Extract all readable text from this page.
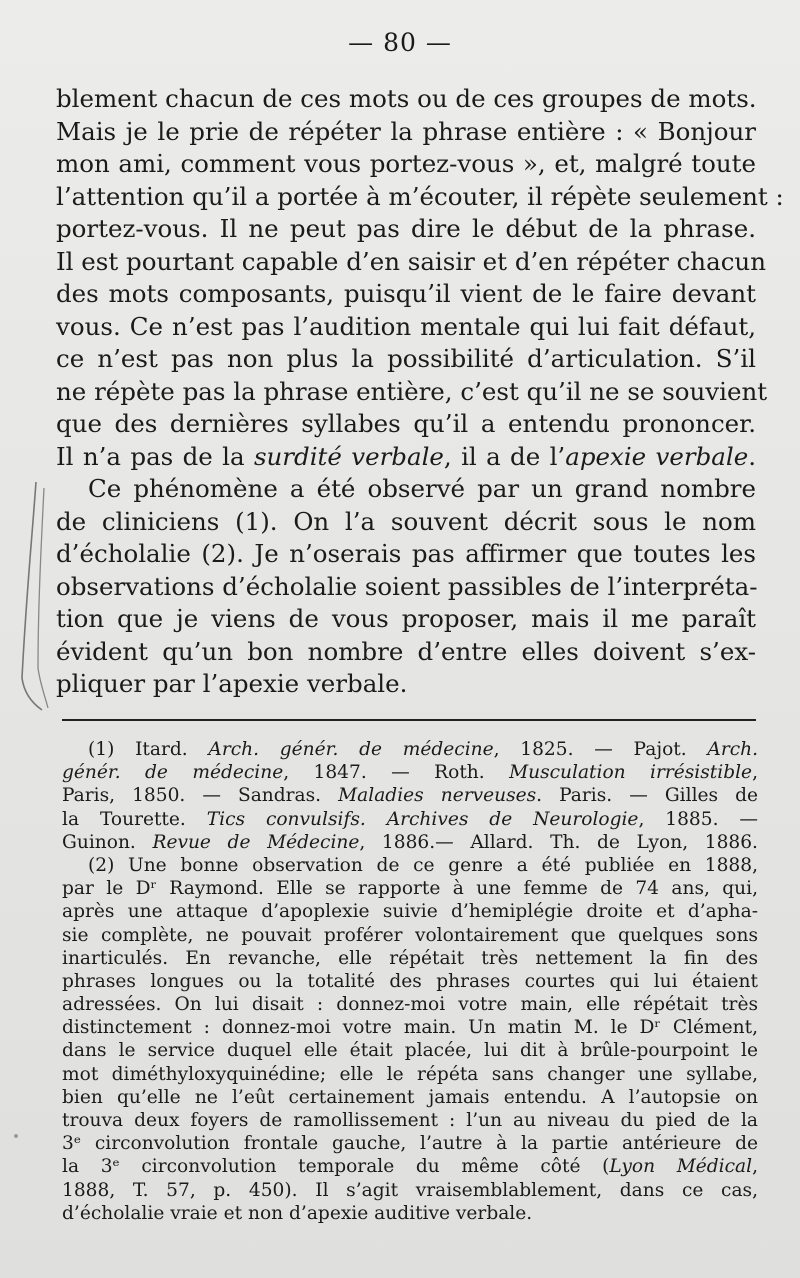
— 80 —
blement chacun de ces mots ou de ces groupes de mots.
Mais je le prie de répéter la phrase entière : « Bonjour
mon ami, comment vous portez-vous », et, malgré toute
l’attention qu’il a portée à m’écouter, il répète seulement :
portez-vous. Il ne peut pas dire le début de la phrase.
Il est pourtant capable d’en saisir et d’en répéter chacun
des mots composants, puisqu’il vient de le faire devant
vous. Ce n’est pas l’audition mentale qui lui fait défaut,
ce n’est pas non plus la possibilité d’articulation. S’il
ne répète pas la phrase entière, c’est qu’il ne se souvient
que des dernières syllabes qu’il a entendu prononcer.
Il n’a pas de la surdité verbale, il a de l’apexie verbale.
Ce phénomène a été observé par un grand nombre
de cliniciens (1). On l’a souvent décrit sous le nom
d’écholalie (2). Je n’oserais pas affirmer que toutes les
observations d’écholalie soient passibles de l’interpréta-
tion que je viens de vous proposer, mais il me paraît
évident qu’un bon nombre d’entre elles doivent s’ex-
pliquer par l’apexie verbale.
(1) Itard. Arch. génér. de médecine, 1825. — Pajot. Arch.
génér. de médecine, 1847. — Roth. Musculation irrésistible,
Paris, 1850. — Sandras. Maladies nerveuses. Paris. — Gilles de
la Tourette. Tics convulsifs. Archives de Neurologie, 1885. —
Guinon. Revue de Médecine, 1886.— Allard. Th. de Lyon, 1886.
(2) Une bonne observation de ce genre a été publiée en 1888,
par le Dʳ Raymond. Elle se rapporte à une femme de 74 ans, qui,
après une attaque d’apoplexie suivie d’hemiplégie droite et d’apha-
sie complète, ne pouvait proférer volontairement que quelques sons
inarticulés. En revanche, elle répétait très nettement la fin des
phrases longues ou la totalité des phrases courtes qui lui étaient
adressées. On lui disait : donnez-moi votre main, elle répétait très
distinctement : donnez-moi votre main. Un matin M. le Dʳ Clément,
dans le service duquel elle était placée, lui dit à brûle-pourpoint le
mot diméthyloxyquinédine; elle le répéta sans changer une syllabe,
bien qu’elle ne l’eût certainement jamais entendu. A l’autopsie on
trouva deux foyers de ramollissement : l’un au niveau du pied de la
3ᵉ circonvolution frontale gauche, l’autre à la partie antérieure de
la 3ᵉ circonvolution temporale du même côté (Lyon Médical,
1888, T. 57, p. 450). Il s’agit vraisemblablement, dans ce cas,
d’écholalie vraie et non d’apexie auditive verbale.
